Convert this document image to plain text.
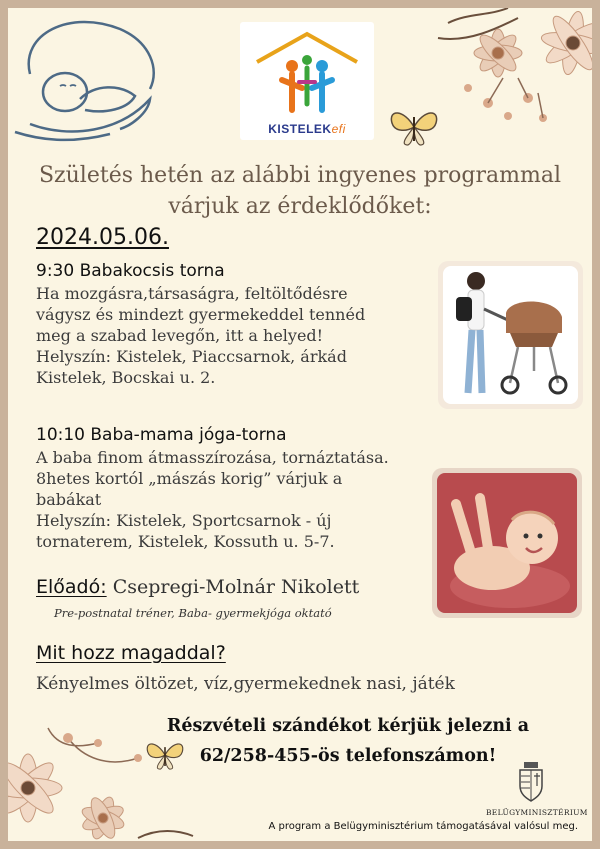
KISTELEKefi
Születés hetén az alábbi ingyenes programmal
várjuk az érdeklődőket:
2024.05.06.
9:30 Babakocsis torna
Ha mozgásra,társaságra, feltöltődésre
vágysz és mindezt gyermekeddel tennéd
meg a szabad levegőn, itt a helyed!
Helyszín: Kistelek, Piaccsarnok, árkád
Kistelek, Bocskai u. 2.
10:10 Baba-mama jóga-torna
A baba finom átmasszírozása, tornáztatása.
8hetes kortól „mászás korig” várjuk a
babákat
Helyszín: Kistelek, Sportcsarnok - új
tornaterem, Kistelek, Kossuth u. 5-7.
Előadó: Csepregi-Molnár Nikolett
Pre-postnatal tréner, Baba- gyermekjóga oktató
Mit hozz magaddal?
Kényelmes öltözet, víz,gyermekednek nasi, játék
Részvételi szándékot kérjük jelezni a
62/258-455-ös telefonszámon!
BELÜGYMINISZTÉRIUM
A program a Belügyminisztérium támogatásával valósul meg.
